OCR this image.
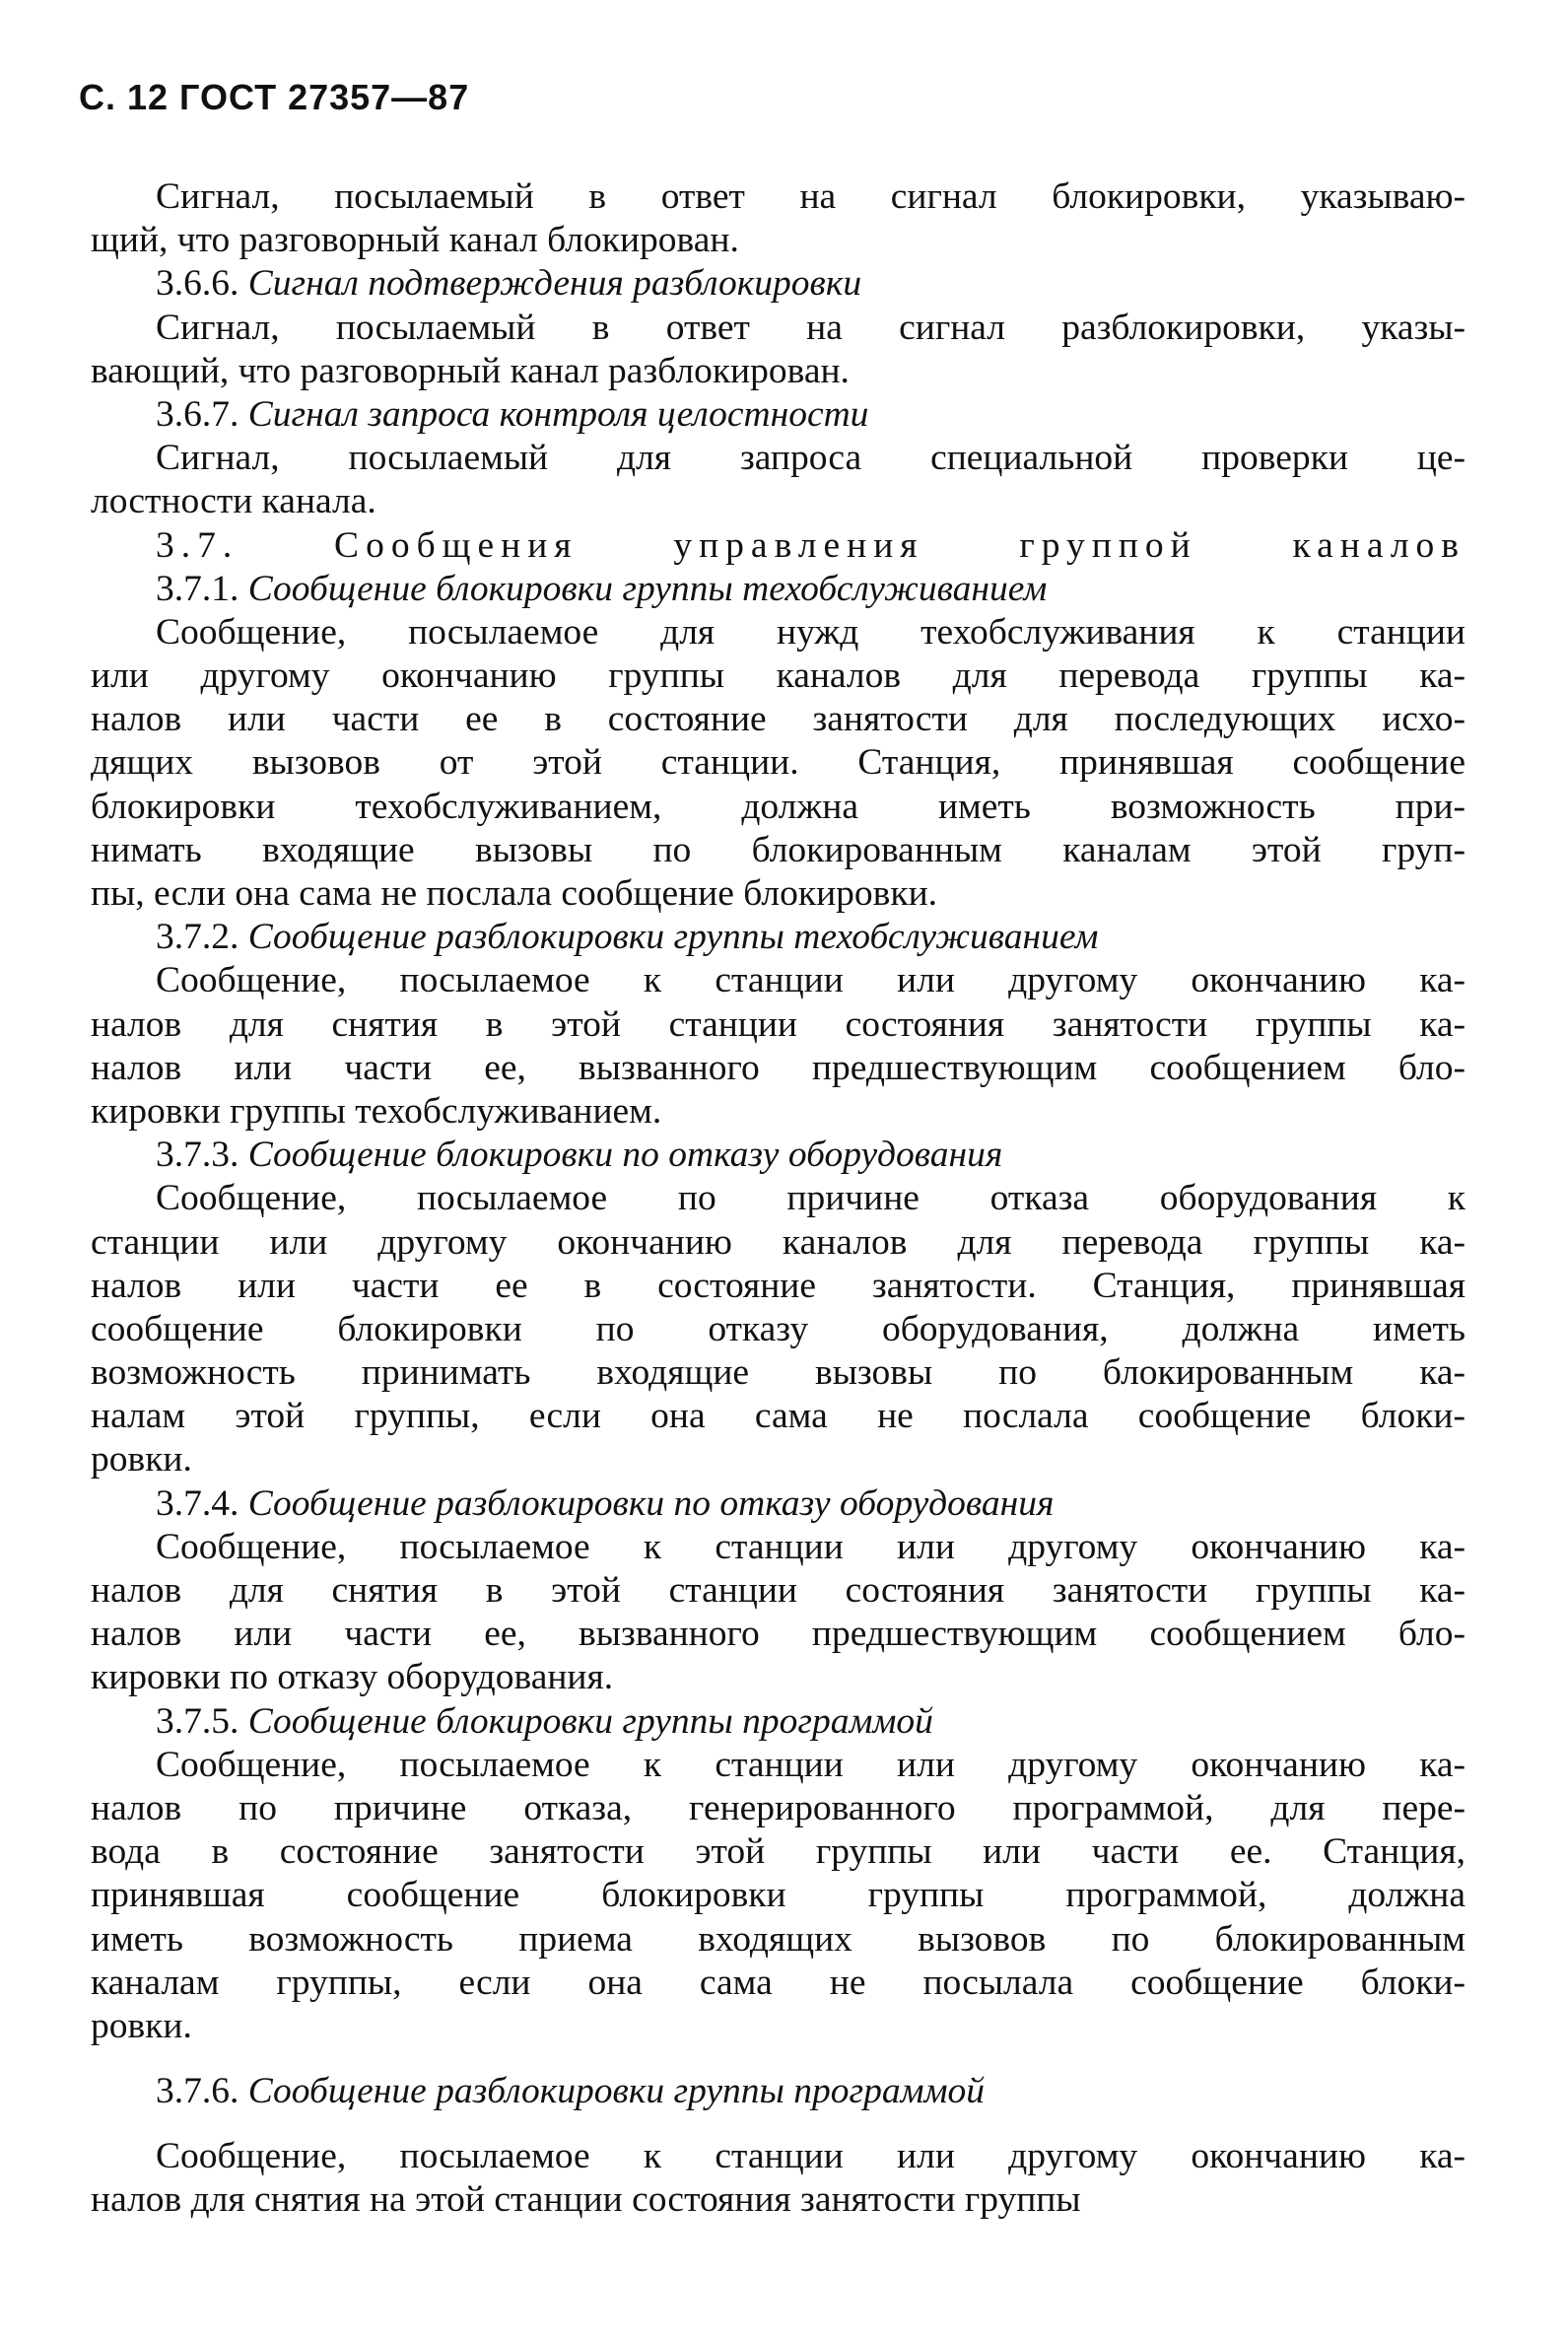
С. 12 ГОСТ 27357—87
Сигнал, посылаемый в ответ на сигнал блокировки, указываю-
щий, что разговорный канал блокирован.
3.6.6. Сигнал подтверждения разблокировки
Сигнал, посылаемый в ответ на сигнал разблокировки, указы-
вающий, что разговорный канал разблокирован.
3.6.7. Сигнал запроса контроля целостности
Сигнал, посылаемый для запроса специальной проверки це-
лостности канала.
3.7. Сообщения управления группой каналов
3.7.1. Сообщение блокировки группы техобслуживанием
Сообщение, посылаемое для нужд техобслуживания к станции
или другому окончанию группы каналов для перевода группы ка-
налов или части ее в состояние занятости для последующих исхо-
дящих вызовов от этой станции. Станция, принявшая сообщение
блокировки техобслуживанием, должна иметь возможность при-
нимать входящие вызовы по блокированным каналам этой груп-
пы, если она сама не послала сообщение блокировки.
3.7.2. Сообщение разблокировки группы техобслуживанием
Сообщение, посылаемое к станции или другому окончанию ка-
налов для снятия в этой станции состояния занятости группы ка-
налов или части ее, вызванного предшествующим сообщением бло-
кировки группы техобслуживанием.
3.7.3. Сообщение блокировки по отказу оборудования
Сообщение, посылаемое по причине отказа оборудования к
станции или другому окончанию каналов для перевода группы ка-
налов или части ее в состояние занятости. Станция, принявшая
сообщение блокировки по отказу оборудования, должна иметь
возможность принимать входящие вызовы по блокированным ка-
налам этой группы, если она сама не послала сообщение блоки-
ровки.
3.7.4. Сообщение разблокировки по отказу оборудования
Сообщение, посылаемое к станции или другому окончанию ка-
налов для снятия в этой станции состояния занятости группы ка-
налов или части ее, вызванного предшествующим сообщением бло-
кировки по отказу оборудования.
3.7.5. Сообщение блокировки группы программой
Сообщение, посылаемое к станции или другому окончанию ка-
налов по причине отказа, генерированного программой, для пере-
вода в состояние занятости этой группы или части ее. Станция,
принявшая сообщение блокировки группы программой, должна
иметь возможность приема входящих вызовов по блокированным
каналам группы, если она сама не посылала сообщение блоки-
ровки.
3.7.6. Сообщение разблокировки группы программой
Сообщение, посылаемое к станции или другому окончанию ка-
налов для снятия на этой станции состояния занятости группы
